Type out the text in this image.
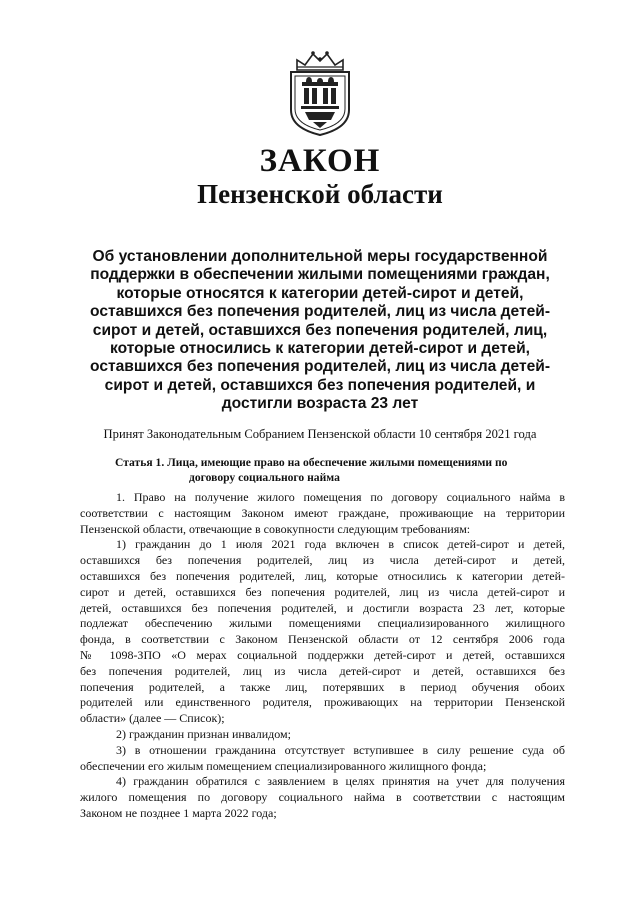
ЗАКОН
Пензенской области
Об установлении дополнительной меры государственной
поддержки в обеспечении жилыми помещениями граждан,
которые относятся к категории детей-сирот и детей,
оставшихся без попечения родителей, лиц из числа детей-
сирот и детей, оставшихся без попечения родителей, лиц,
которые относились к категории детей-сирот и детей,
оставшихся без попечения родителей, лиц из числа детей-
сирот и детей, оставшихся без попечения родителей, и
достигли возраста 23 лет
Принят Законодательным Собранием Пензенской области 10 сентября 2021 года
Статья 1. Лица, имеющие право на обеспечение жилыми помещениями по
договору социального найма
1. Право на получение жилого помещения по договору социального найма в
соответствии с настоящим Законом имеют граждане, проживающие на территории
Пензенской области, отвечающие в совокупности следующим требованиям:
1) гражданин до 1 июля 2021 года включен в список детей-сирот и детей,
оставшихся без попечения родителей, лиц из числа детей-сирот и детей,
оставшихся без попечения родителей, лиц, которые относились к категории детей-
сирот и детей, оставшихся без попечения родителей, лиц из числа детей-сирот и
детей, оставшихся без попечения родителей, и достигли возраста 23 лет, которые
подлежат обеспечению жилыми помещениями специализированного жилищного
фонда, в соответствии с Законом Пензенской области от 12 сентября 2006 года
№ 1098-ЗПО «О мерах социальной поддержки детей-сирот и детей, оставшихся
без попечения родителей, лиц из числа детей-сирот и детей, оставшихся без
попечения родителей, а также лиц, потерявших в период обучения обоих
родителей или единственного родителя, проживающих на территории Пензенской
области» (далее — Список);
2) гражданин признан инвалидом;
3) в отношении гражданина отсутствует вступившее в силу решение суда об
обеспечении его жилым помещением специализированного жилищного фонда;
4) гражданин обратился с заявлением в целях принятия на учет для получения
жилого помещения по договору социального найма в соответствии с настоящим
Законом не позднее 1 марта 2022 года;
